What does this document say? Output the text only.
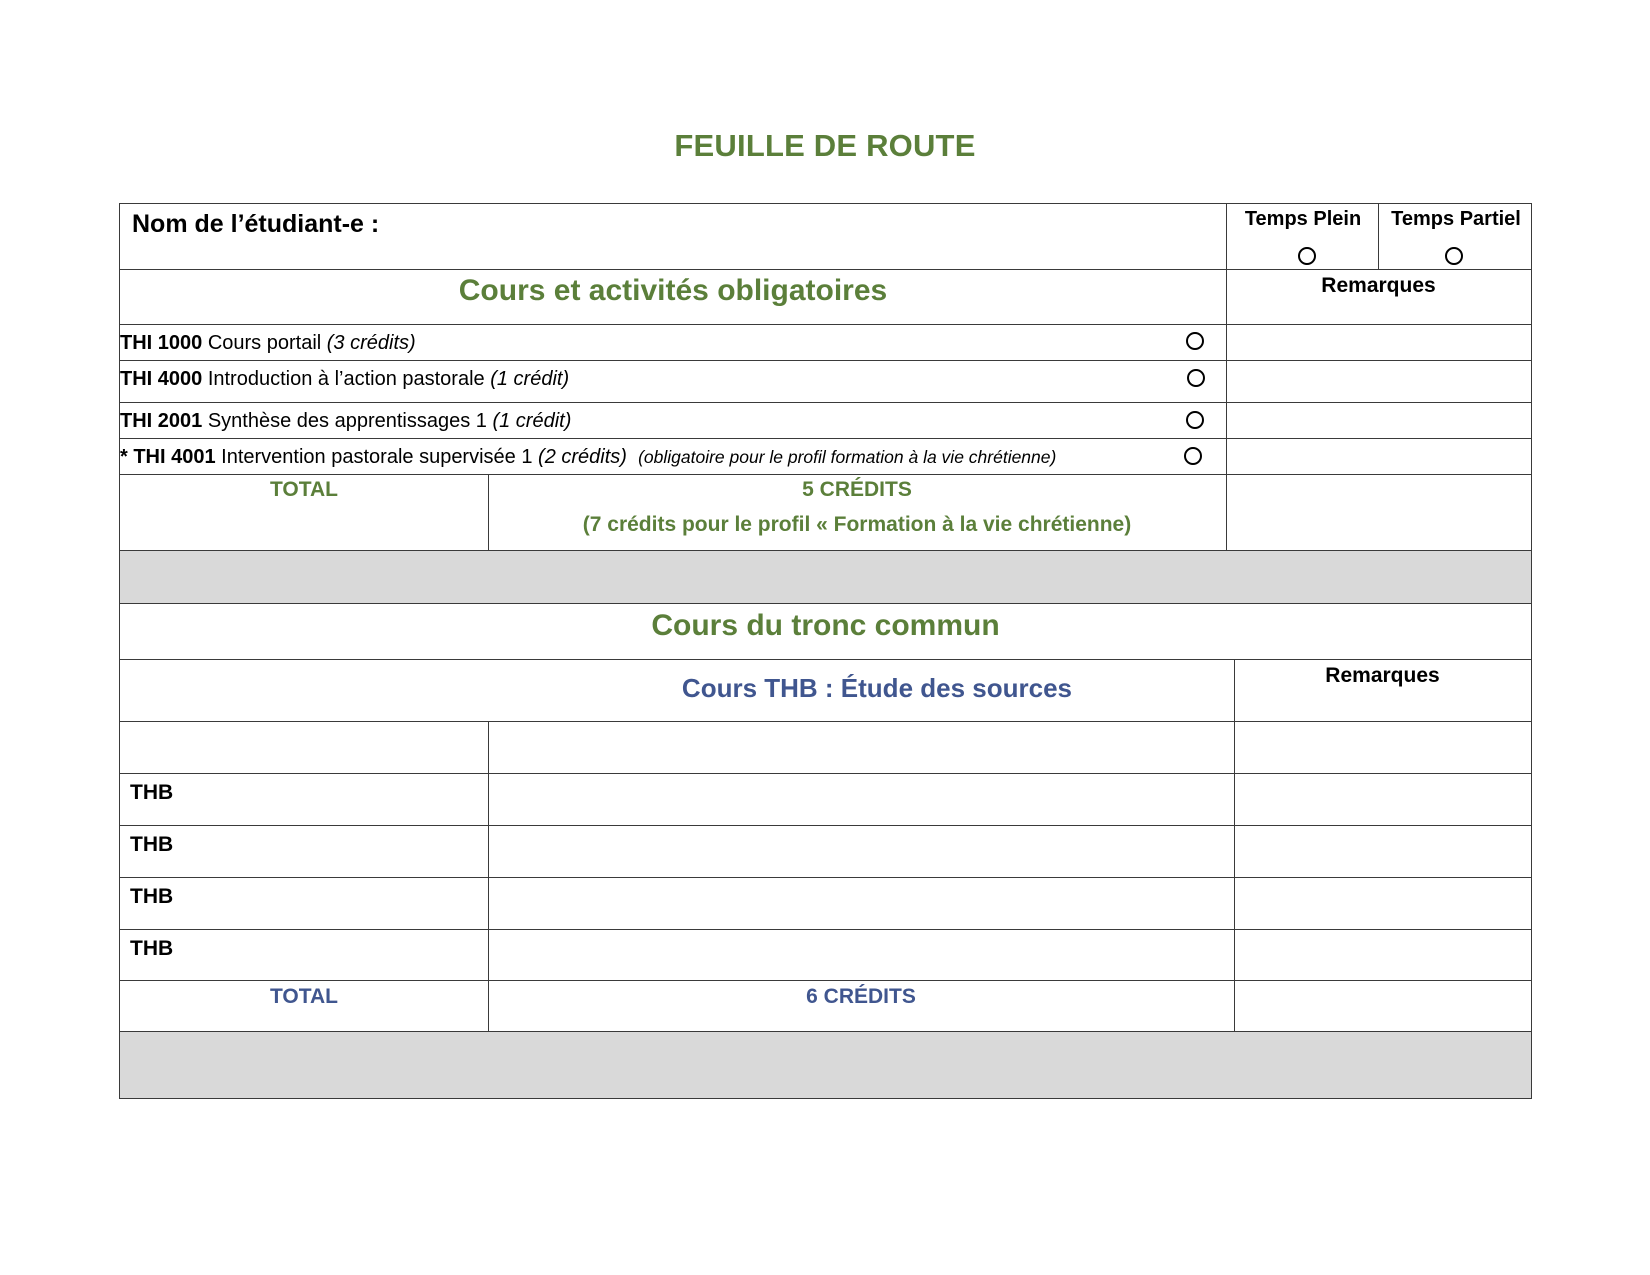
FEUILLE DE ROUTE
Nom de l’étudiant-e :	Temps Plein	Temps Partiel
Cours et activités obligatoires	Remarques
THI 1000 Cours portail (3 crédits)
THI 4000 Introduction à l’action pastorale (1 crédit)
THI 2001 Synthèse des apprentissages 1 (1 crédit)
* THI 4001 Intervention pastorale supervisée 1 (2 crédits) (obligatoire pour le profil formation à la vie chrétienne)
TOTAL	5 CRÉDITS
(7 crédits pour le profil « Formation à la vie chrétienne)
Cours du tronc commun
Cours THB : Étude des sources	Remarques
THB
THB
THB
THB
TOTAL	6 CRÉDITS
